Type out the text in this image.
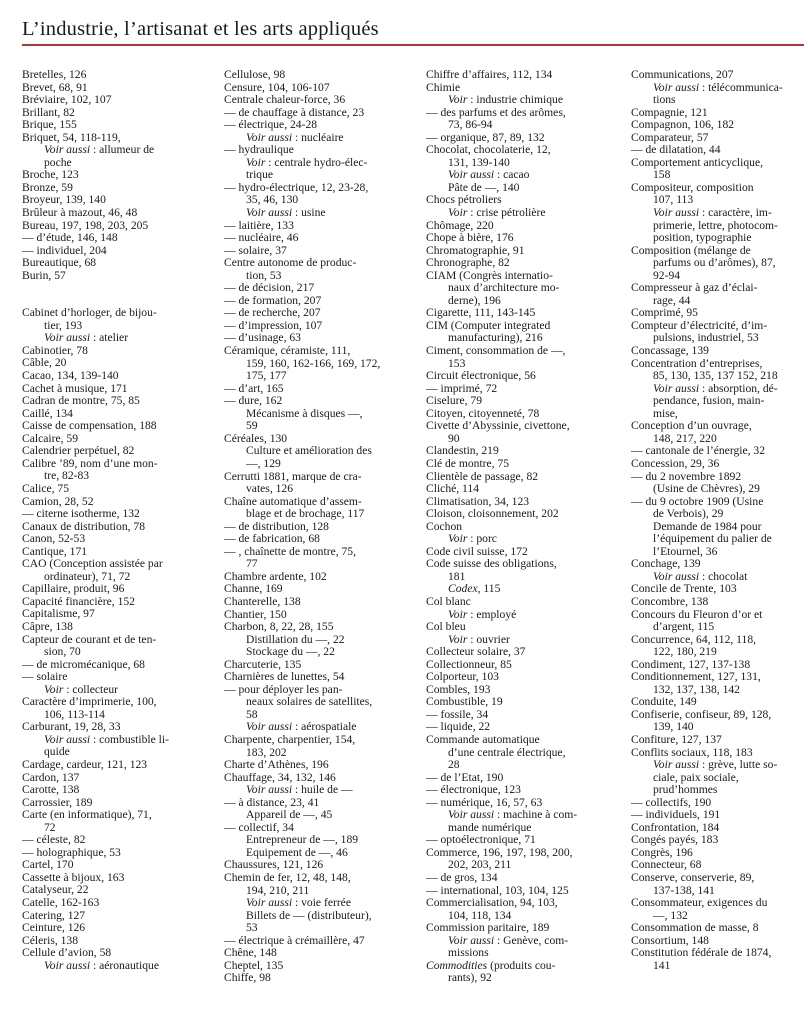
L’industrie, l’artisanat et les arts appliqués
Bretelles, 126
Brevet, 68, 91
Bréviaire, 102, 107
Brillant, 82
Brique, 155
Briquet, 54, 118-119,
Voir aussi : allumeur de
poche
Broche, 123
Bronze, 59
Broyeur, 139, 140
Brûleur à mazout, 46, 48
Bureau, 197, 198, 203, 205
— d’étude, 146, 148
— individuel, 204
Bureautique, 68
Burin, 57
Cabinet d’horloger, de bijou-
tier, 193
Voir aussi : atelier
Cabinotier, 78
Câble, 20
Cacao, 134, 139-140
Cachet à musique, 171
Cadran de montre, 75, 85
Caillé, 134
Caisse de compensation, 188
Calcaire, 59
Calendrier perpétuel, 82
Calibre ’89, nom d’une mon-
tre, 82-83
Calice, 75
Camion, 28, 52
— citerne isotherme, 132
Canaux de distribution, 78
Canon, 52-53
Cantique, 171
CAO (Conception assistée par
ordinateur), 71, 72
Capillaire, produit, 96
Capacité financière, 152
Capitalisme, 97
Câpre, 138
Capteur de courant et de ten-
sion, 70
— de micromécanique, 68
— solaire
Voir : collecteur
Caractère d’imprimerie, 100,
106, 113-114
Carburant, 19, 28, 33
Voir aussi : combustible li-
quide
Cardage, cardeur, 121, 123
Cardon, 137
Carotte, 138
Carrossier, 189
Carte (en informatique), 71,
72
— céleste, 82
— holographique, 53
Cartel, 170
Cassette à bijoux, 163
Catalyseur, 22
Catelle, 162-163
Catering, 127
Ceinture, 126
Céleris, 138
Cellule d’avion, 58
Voir aussi : aéronautique
Cellulose, 98
Censure, 104, 106-107
Centrale chaleur-force, 36
— de chauffage à distance, 23
— électrique, 24-28
Voir aussi : nucléaire
— hydraulique
Voir : centrale hydro-élec-
trique
— hydro-électrique, 12, 23-28,
35, 46, 130
Voir aussi : usine
— laitière, 133
— nucléaire, 46
— solaire, 37
Centre autonome de produc-
tion, 53
— de décision, 217
— de formation, 207
— de recherche, 207
— d’impression, 107
— d’usinage, 63
Céramique, céramiste, 111,
159, 160, 162-166, 169, 172,
175, 177
— d’art, 165
— dure, 162
Mécanisme à disques —,
59
Céréales, 130
Culture et amélioration des
—, 129
Cerrutti 1881, marque de cra-
vates, 126
Chaîne automatique d’assem-
blage et de brochage, 117
— de distribution, 128
— de fabrication, 68
— , chaînette de montre, 75,
77
Chambre ardente, 102
Channe, 169
Chanterelle, 138
Chantier, 150
Charbon, 8, 22, 28, 155
Distillation du —, 22
Stockage du —, 22
Charcuterie, 135
Charnières de lunettes, 54
— pour déployer les pan-
neaux solaires de satellites,
58
Voir aussi : aérospatiale
Charpente, charpentier, 154,
183, 202
Charte d’Athènes, 196
Chauffage, 34, 132, 146
Voir aussi : huile de —
— à distance, 23, 41
Appareil de —, 45
— collectif, 34
Entrepreneur de —, 189
Equipement de —, 46
Chaussures, 121, 126
Chemin de fer, 12, 48, 148,
194, 210, 211
Voir aussi : voie ferrée
Billets de — (distributeur),
53
— électrique à crémaillère, 47
Chêne, 148
Cheptel, 135
Chiffe, 98
Chiffre d’affaires, 112, 134
Chimie
Voir : industrie chimique
— des parfums et des arômes,
73, 86-94
— organique, 87, 89, 132
Chocolat, chocolaterie, 12,
131, 139-140
Voir aussi : cacao
Pâte de —, 140
Chocs pétroliers
Voir : crise pétrolière
Chômage, 220
Chope à bière, 176
Chromatographie, 91
Chronographe, 82
CIAM (Congrès internatio-
naux d’architecture mo-
derne), 196
Cigarette, 111, 143-145
CIM (Computer integrated
manufacturing), 216
Ciment, consommation de —,
153
Circuit électronique, 56
— imprimé, 72
Ciselure, 79
Citoyen, citoyenneté, 78
Civette d’Abyssinie, civettone,
90
Clandestin, 219
Clé de montre, 75
Clientèle de passage, 82
Cliché, 114
Climatisation, 34, 123
Cloison, cloisonnement, 202
Cochon
Voir : porc
Code civil suisse, 172
Code suisse des obligations,
181
Codex, 115
Col blanc
Voir : employé
Col bleu
Voir : ouvrier
Collecteur solaire, 37
Collectionneur, 85
Colporteur, 103
Combles, 193
Combustible, 19
— fossile, 34
— liquide, 22
Commande automatique
d’une centrale électrique,
28
— de l’Etat, 190
— électronique, 123
— numérique, 16, 57, 63
Voir aussi : machine à com-
mande numérique
— optoélectronique, 71
Commerce, 196, 197, 198, 200,
202, 203, 211
— de gros, 134
— international, 103, 104, 125
Commercialisation, 94, 103,
104, 118, 134
Commission paritaire, 189
Voir aussi : Genève, com-
missions
Commodities (produits cou-
rants), 92
Communications, 207
Voir aussi : télécommunica-
tions
Compagnie, 121
Compagnon, 106, 182
Comparateur, 57
— de dilatation, 44
Comportement anticyclique,
158
Compositeur, composition
107, 113
Voir aussi : caractère, im-
primerie, lettre, photocom-
position, typographie
Composition (mélange de
parfums ou d’arômes), 87,
92-94
Compresseur à gaz d’éclai-
rage, 44
Comprimé, 95
Compteur d’électricité, d’im-
pulsions, industriel, 53
Concassage, 139
Concentration d’entreprises,
85, 130, 135, 137 152, 218
Voir aussi : absorption, dé-
pendance, fusion, main-
mise,
Conception d’un ouvrage,
148, 217, 220
— cantonale de l’énergie, 32
Concession, 29, 36
— du 2 novembre 1892
(Usine de Chèvres), 29
— du 9 octobre 1909 (Usine
de Verbois), 29
Demande de 1984 pour
l’équipement du palier de
l’Etournel, 36
Conchage, 139
Voir aussi : chocolat
Concile de Trente, 103
Concombre, 138
Concours du Fleuron d’or et
d’argent, 115
Concurrence, 64, 112, 118,
122, 180, 219
Condiment, 127, 137-138
Conditionnement, 127, 131,
132, 137, 138, 142
Conduite, 149
Confiserie, confiseur, 89, 128,
139, 140
Confiture, 127, 137
Conflits sociaux, 118, 183
Voir aussi : grève, lutte so-
ciale, paix sociale,
prud’hommes
— collectifs, 190
— individuels, 191
Confrontation, 184
Congés payés, 183
Congrès, 196
Connecteur, 68
Conserve, conserverie, 89,
137-138, 141
Consommateur, exigences du
—, 132
Consommation de masse, 8
Consortium, 148
Constitution fédérale de 1874,
141
